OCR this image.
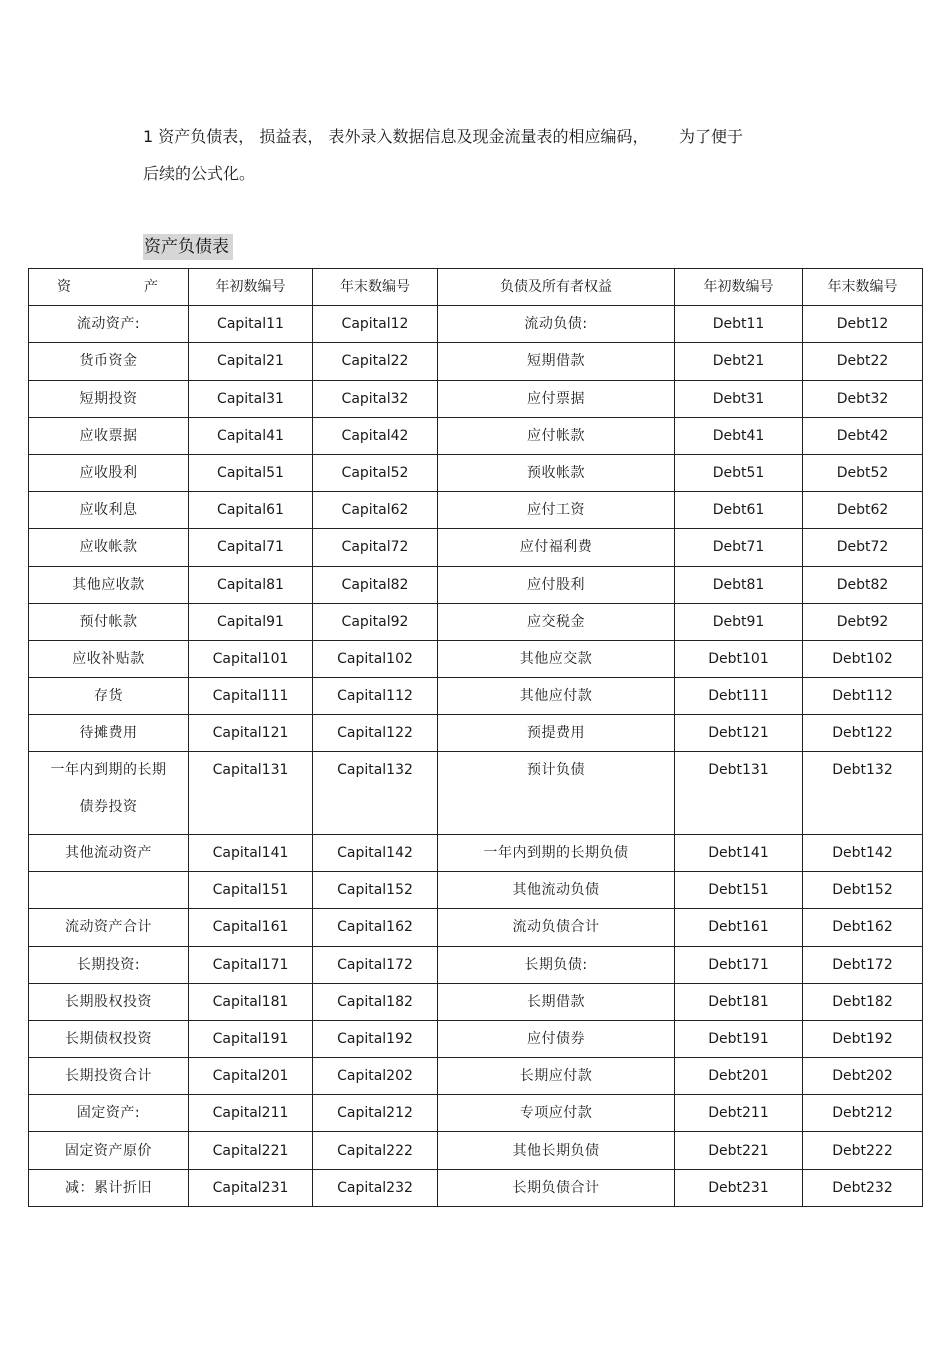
1 资产负债表， 损益表， 表外录入数据信息及现金流量表的相应编码，      为了便于
后续的公式化。
资产负债表
资 产	年初数编号	年末数编号	负债及所有者权益	年初数编号	年末数编号
流动资产:	Capital11	Capital12	流动负债:	Debt11	Debt12
货币资金	Capital21	Capital22	短期借款	Debt21	Debt22
短期投资	Capital31	Capital32	应付票据	Debt31	Debt32
应收票据	Capital41	Capital42	应付帐款	Debt41	Debt42
应收股利	Capital51	Capital52	预收帐款	Debt51	Debt52
应收利息	Capital61	Capital62	应付工资	Debt61	Debt62
应收帐款	Capital71	Capital72	应付福利费	Debt71	Debt72
其他应收款	Capital81	Capital82	应付股利	Debt81	Debt82
预付帐款	Capital91	Capital92	应交税金	Debt91	Debt92
应收补贴款	Capital101	Capital102	其他应交款	Debt101	Debt102
存货	Capital111	Capital112	其他应付款	Debt111	Debt112
待摊费用	Capital121	Capital122	预提费用	Debt121	Debt122

一年内到期的长期
债券投资	Capital131	Capital132	预计负债	Debt131	Debt132
其他流动资产	Capital141	Capital142	一年内到期的长期负债	Debt141	Debt142
	Capital151	Capital152	其他流动负债	Debt151	Debt152
流动资产合计	Capital161	Capital162	流动负债合计	Debt161	Debt162
长期投资:	Capital171	Capital172	长期负债:	Debt171	Debt172
长期股权投资	Capital181	Capital182	长期借款	Debt181	Debt182
长期债权投资	Capital191	Capital192	应付债券	Debt191	Debt192
长期投资合计	Capital201	Capital202	长期应付款	Debt201	Debt202
固定资产:	Capital211	Capital212	专项应付款	Debt211	Debt212
固定资产原价	Capital221	Capital222	其他长期负债	Debt221	Debt222
减：累计折旧	Capital231	Capital232	长期负债合计	Debt231	Debt232
